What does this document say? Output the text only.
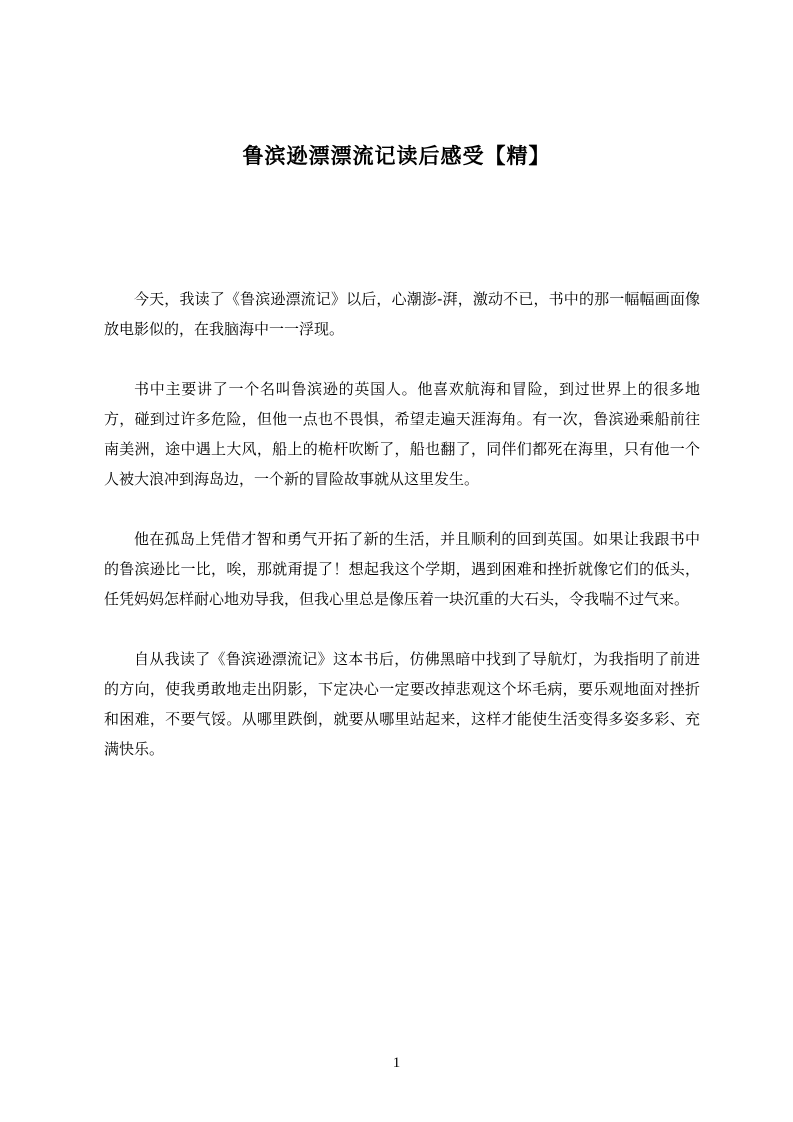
鲁滨逊漂漂流记读后感受【精】

今天，我读了《鲁滨逊漂流记》以后，心潮澎-湃，激动不已，书中的那一幅幅画面像放电影似的，在我脑海中一一浮现。

书中主要讲了一个名叫鲁滨逊的英国人。他喜欢航海和冒险，到过世界上的很多地方，碰到过许多危险，但他一点也不畏惧，希望走遍天涯海角。有一次，鲁滨逊乘船前往南美洲，途中遇上大风，船上的桅杆吹断了，船也翻了，同伴们都死在海里，只有他一个人被大浪冲到海岛边，一个新的冒险故事就从这里发生。

他在孤岛上凭借才智和勇气开拓了新的生活，并且顺利的回到英国。如果让我跟书中的鲁滨逊比一比，唉，那就甭提了！想起我这个学期，遇到困难和挫折就像它们的低头，任凭妈妈怎样耐心地劝导我，但我心里总是像压着一块沉重的大石头，令我喘不过气来。

自从我读了《鲁滨逊漂流记》这本书后，仿佛黑暗中找到了导航灯，为我指明了前进的方向，使我勇敢地走出阴影，下定决心一定要改掉悲观这个坏毛病，要乐观地面对挫折和困难，不要气馁。从哪里跌倒，就要从哪里站起来，这样才能使生活变得多姿多彩、充满快乐。

1
